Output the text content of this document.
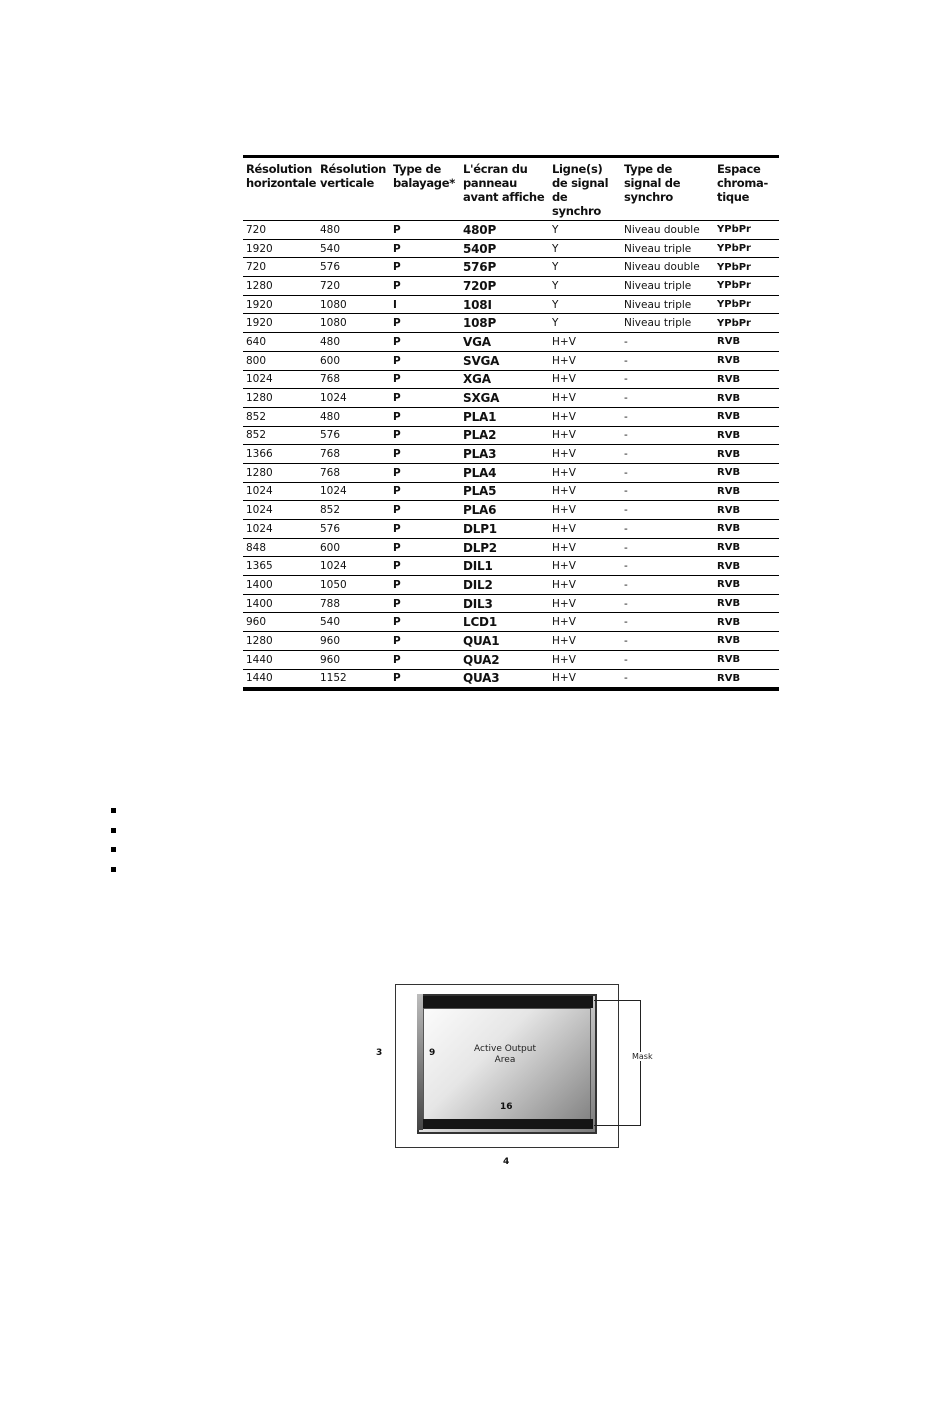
Résolution
horizontale	Résolution
verticale	Type de
balayage*	L'écran du
panneau
avant affiche	Ligne(s)
de signal
de synchro	Type de
signal de
synchro	Espace
chroma-
tique

720	480	P	480P	Y	Niveau double	YPbPr
1920	540	P	540P	Y	Niveau triple	YPbPr
720	576	P	576P	Y	Niveau double	YPbPr
1280	720	P	720P	Y	Niveau triple	YPbPr
1920	1080	I	108I	Y	Niveau triple	YPbPr
1920	1080	P	108P	Y	Niveau triple	YPbPr
640	480	P	VGA	H+V	-	RVB
800	600	P	SVGA	H+V	-	RVB
1024	768	P	XGA	H+V	-	RVB
1280	1024	P	SXGA	H+V	-	RVB
852	480	P	PLA1	H+V	-	RVB
852	576	P	PLA2	H+V	-	RVB
1366	768	P	PLA3	H+V	-	RVB
1280	768	P	PLA4	H+V	-	RVB
1024	1024	P	PLA5	H+V	-	RVB
1024	852	P	PLA6	H+V	-	RVB
1024	576	P	DLP1	H+V	-	RVB
848	600	P	DLP2	H+V	-	RVB
1365	1024	P	DIL1	H+V	-	RVB
1400	1050	P	DIL2	H+V	-	RVB
1400	788	P	DIL3	H+V	-	RVB
960	540	P	LCD1	H+V	-	RVB
1280	960	P	QUA1	H+V	-	RVB
1440	960	P	QUA2	H+V	-	RVB
1440	1152	P	QUA3	H+V	-	RVB
Active Output
Area
9
16
3
4
Mask
